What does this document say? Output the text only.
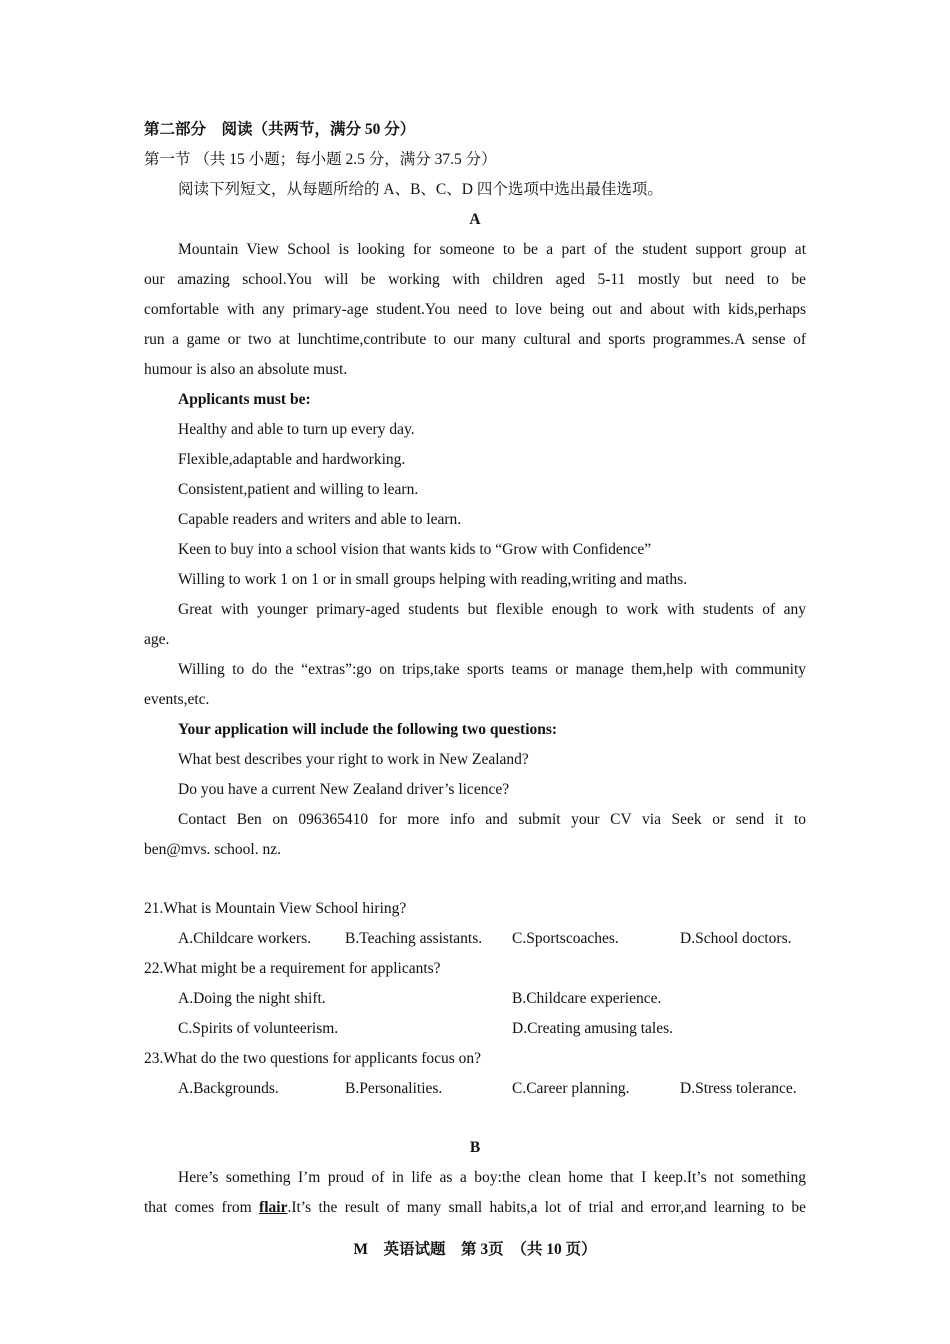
第二部分　阅读（共两节，满分 50 分）
第一节 （共 15 小题；每小题 2.5 分，满分 37.5 分）
阅读下列短文，从每题所给的 A、B、C、D 四个选项中选出最佳选项。
A
Mountain View School is looking for someone to be a part of the student support group at
our amazing school.You will be working with children aged 5-11 mostly but need to be
comfortable with any primary-age student.You need to love being out and about with kids,perhaps
run a game or two at lunchtime,contribute to our many cultural and sports programmes.A sense of
humour is also an absolute must.
Applicants must be:
Healthy and able to turn up every day.
Flexible,adaptable and hardworking.
Consistent,patient and willing to learn.
Capable readers and writers and able to learn.
Keen to buy into a school vision that wants kids to “Grow with Confidence”
Willing to work 1 on 1 or in small groups helping with reading,writing and maths.
Great with younger primary-aged students but flexible enough to work with students of any
age.
Willing to do the “extras”:go on trips,take sports teams or manage them,help with community
events,etc.
Your application will include the following two questions:
What best describes your right to work in New Zealand?
Do you have a current New Zealand driver’s licence?
Contact Ben on 096365410 for more info and submit your CV via Seek or send it to
ben@mvs. school. nz.
21.What is Mountain View School hiring?
A.Childcare workers. B.Teaching assistants. C.Sportscoaches.	D.School doctors.
22.What might be a requirement for applicants?
A.Doing the night shift.	B.Childcare experience.
C.Spirits of volunteerism.	D.Creating amusing tales.
23.What do the two questions for applicants focus on?
A.Backgrounds.	B.Personalities.	C.Career planning.	D.Stress tolerance.
B
Here’s something I’m proud of in life as a boy:the clean home that I keep.It’s not something
that comes from flair.It’s the result of many small habits,a lot of trial and error,and learning to be
M　英语试题　第 3页　（共 10 页）
